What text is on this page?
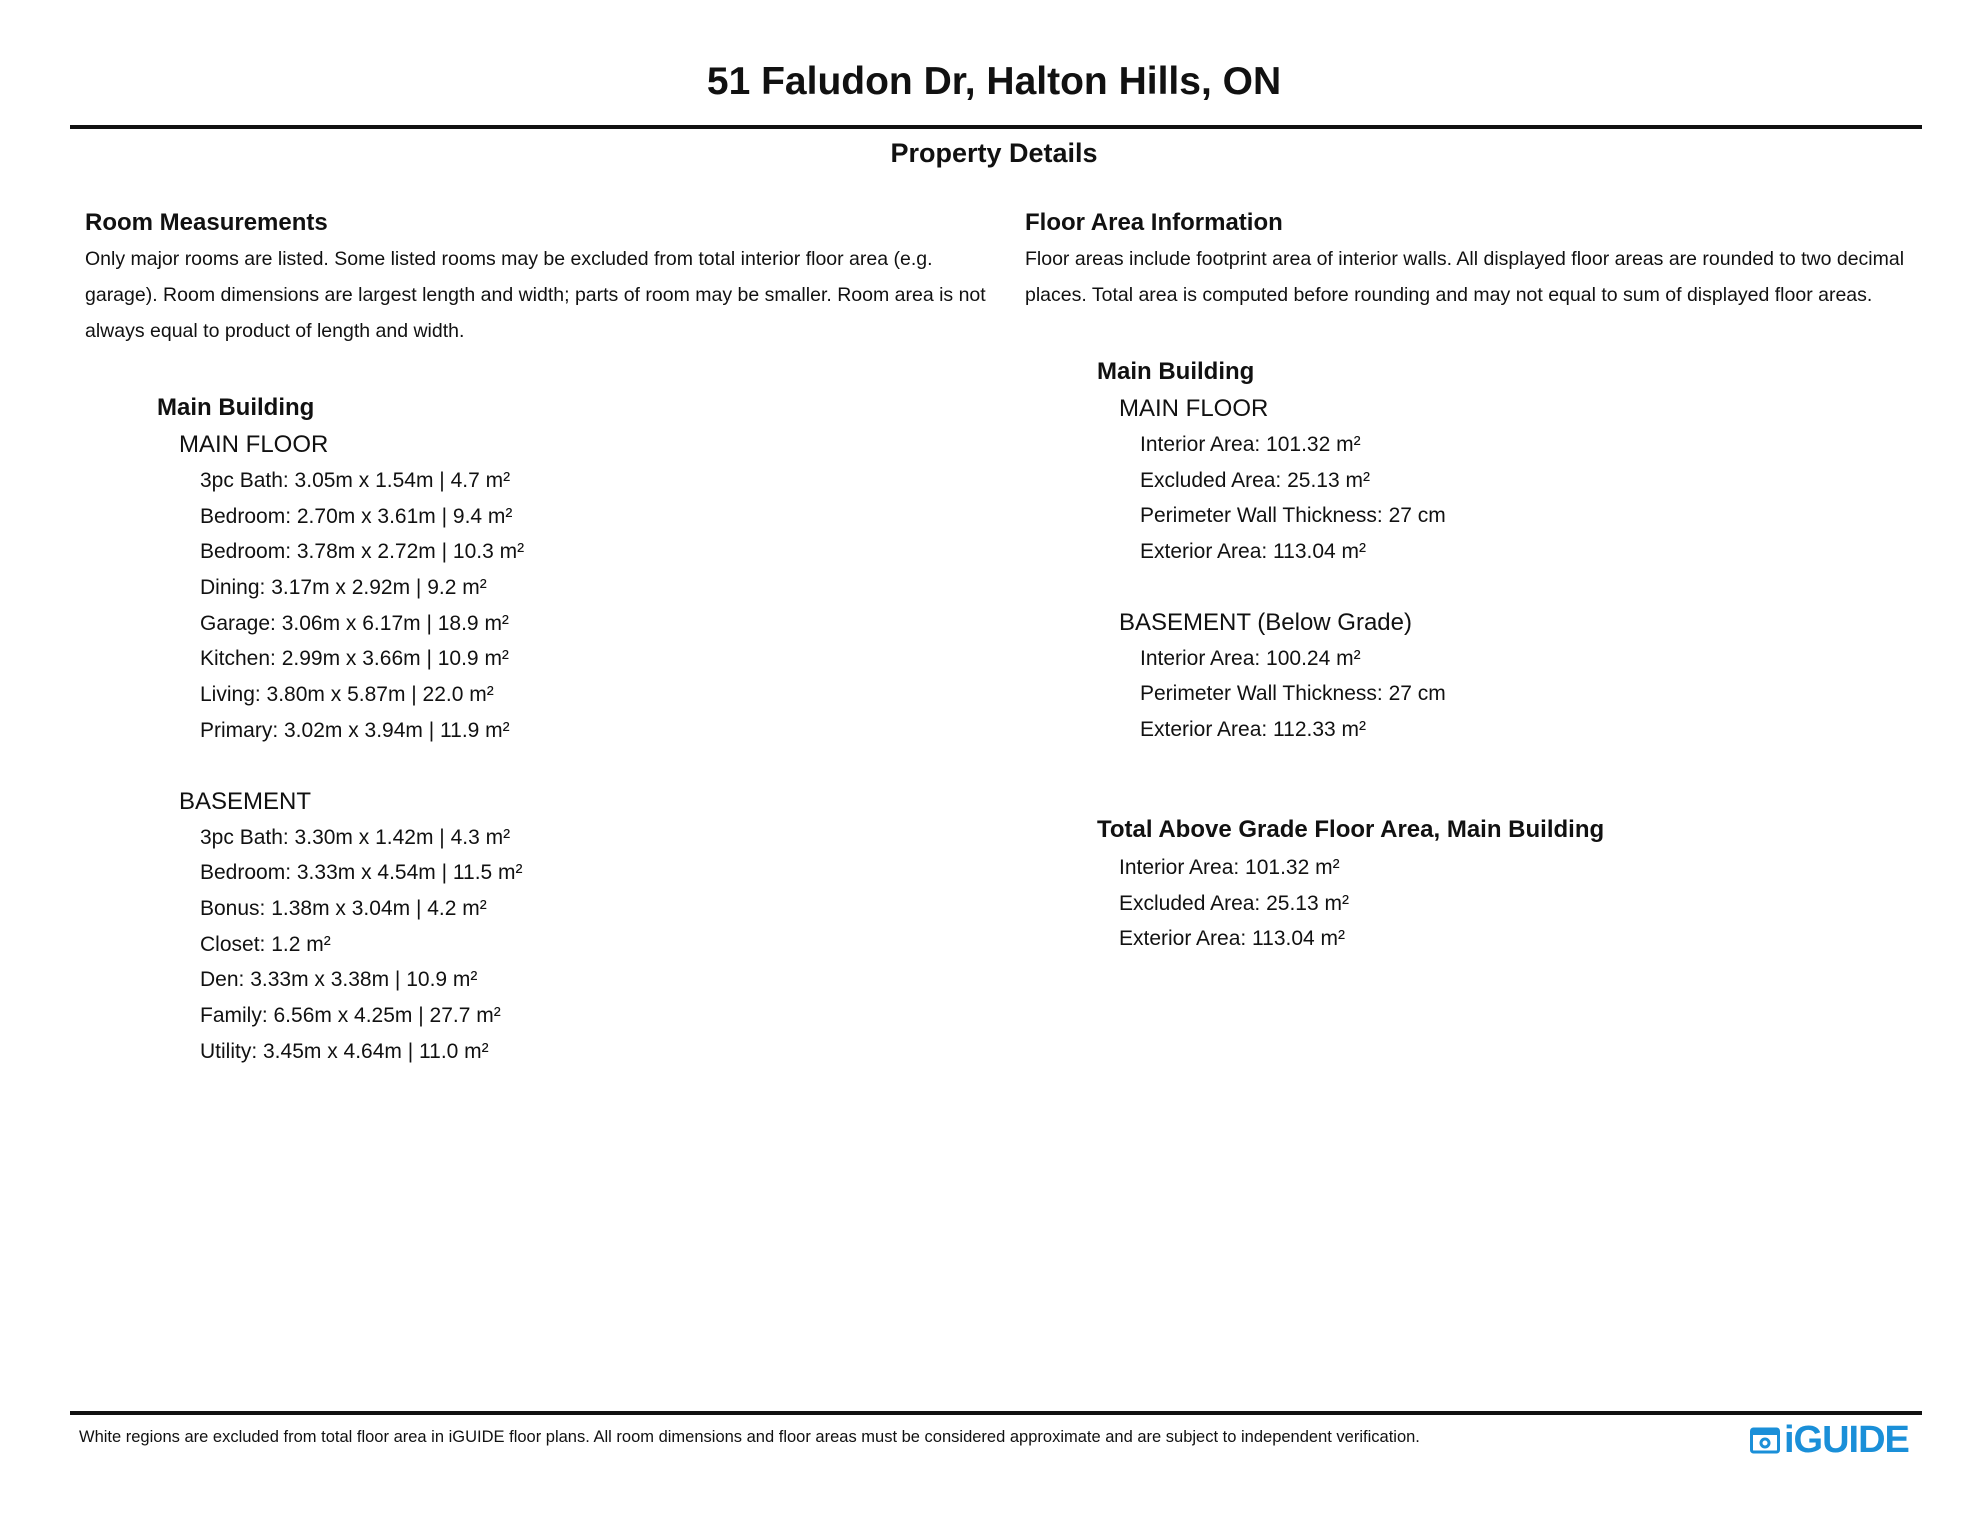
51 Faludon Dr, Halton Hills, ON
Property Details
Room Measurements

Only major rooms are listed. Some listed rooms may be excluded from total interior floor area (e.g. garage). Room dimensions are largest length and width; parts of room may be smaller. Room area is not always equal to product of length and width.

Main Building
MAIN FLOOR
3pc Bath: 3.05m x 1.54m | 4.7 m²
Bedroom: 2.70m x 3.61m | 9.4 m²
Bedroom: 3.78m x 2.72m | 10.3 m²
Dining: 3.17m x 2.92m | 9.2 m²
Garage: 3.06m x 6.17m | 18.9 m²
Kitchen: 2.99m x 3.66m | 10.9 m²
Living: 3.80m x 5.87m | 22.0 m²
Primary: 3.02m x 3.94m | 11.9 m²
BASEMENT
3pc Bath: 3.30m x 1.42m | 4.3 m²
Bedroom: 3.33m x 4.54m | 11.5 m²
Bonus: 1.38m x 3.04m | 4.2 m²
Closet: 1.2 m²
Den: 3.33m x 3.38m | 10.9 m²
Family: 6.56m x 4.25m | 27.7 m²
Utility: 3.45m x 4.64m | 11.0 m²
Floor Area Information

Floor areas include footprint area of interior walls. All displayed floor areas are rounded to two decimal places. Total area is computed before rounding and may not equal to sum of displayed floor areas.

Main Building
MAIN FLOOR
Interior Area: 101.32 m²
Excluded Area: 25.13 m²
Perimeter Wall Thickness: 27 cm
Exterior Area: 113.04 m²
BASEMENT (Below Grade)
Interior Area: 100.24 m²
Perimeter Wall Thickness: 27 cm
Exterior Area: 112.33 m²
Total Above Grade Floor Area, Main Building
Interior Area: 101.32 m²
Excluded Area: 25.13 m²
Exterior Area: 113.04 m²
White regions are excluded from total floor area in iGUIDE floor plans. All room dimensions and floor areas must be considered approximate and are subject to independent verification.	iGUIDE
